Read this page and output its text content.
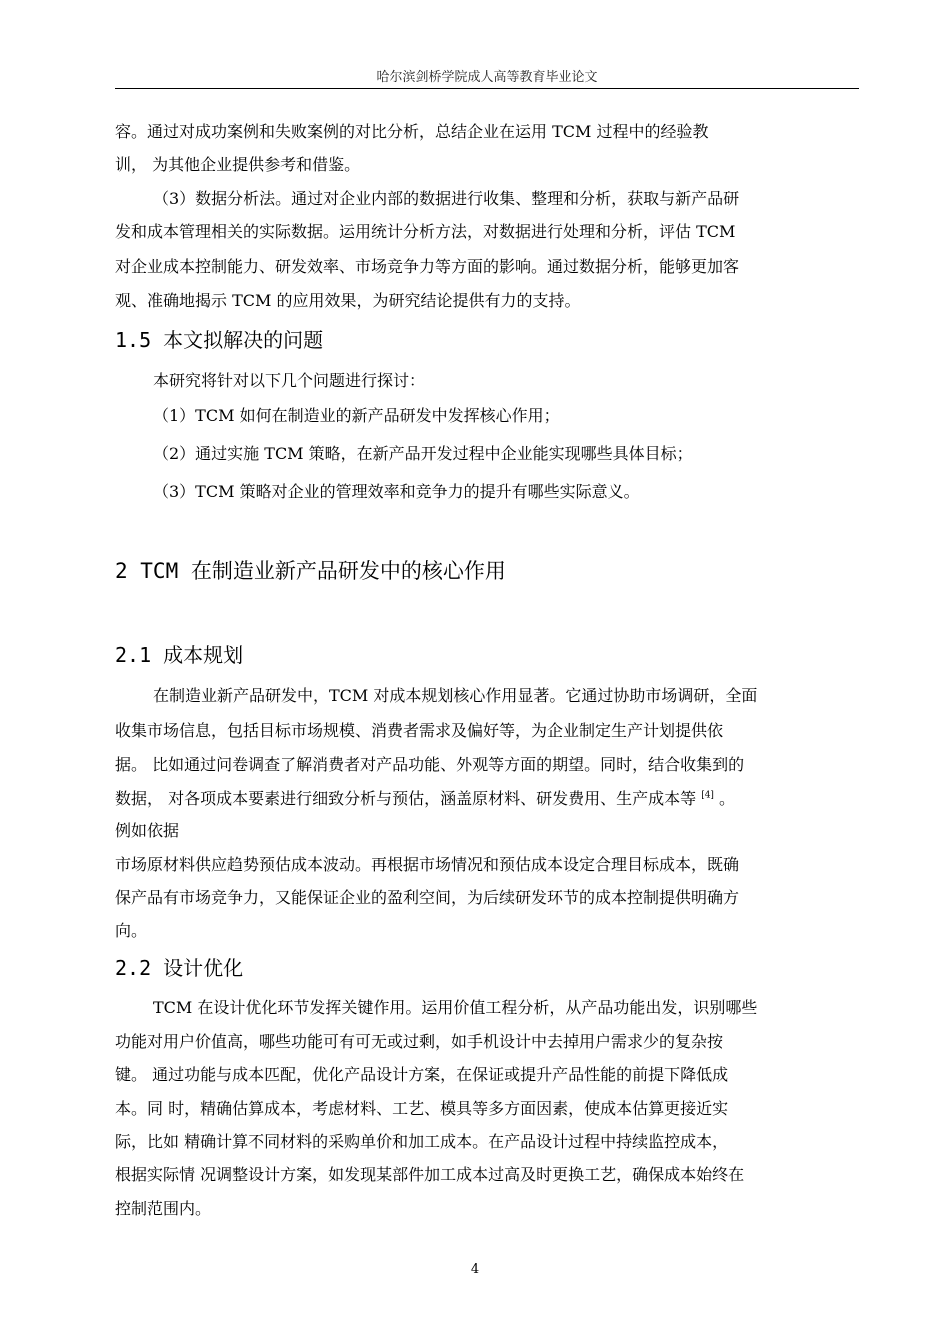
哈尔滨剑桥学院成人高等教育毕业论文
容。通过对成功案例和失败案例的对比分析，总结企业在运用 TCM 过程中的经验教
训， 为其他企业提供参考和借鉴。
（3）数据分析法。通过对企业内部的数据进行收集、整理和分析，获取与新产品研
发和成本管理相关的实际数据。运用统计分析方法，对数据进行处理和分析，评估 TCM
对企业成本控制能力、研发效率、市场竞争力等方面的影响。通过数据分析，能够更加客
观、准确地揭示 TCM 的应用效果，为研究结论提供有力的支持。
1.5 本文拟解决的问题
本研究将针对以下几个问题进行探讨：
（1）TCM 如何在制造业的新产品研发中发挥核心作用；
（2）通过实施 TCM 策略，在新产品开发过程中企业能实现哪些具体目标；
（3）TCM 策略对企业的管理效率和竞争力的提升有哪些实际意义。
2 TCM 在制造业新产品研发中的核心作用
2.1 成本规划
在制造业新产品研发中，TCM 对成本规划核心作用显著。它通过协助市场调研，全面
收集市场信息，包括目标市场规模、消费者需求及偏好等，为企业制定生产计划提供依
据。 比如通过问卷调查了解消费者对产品功能、外观等方面的期望。同时，结合收集到的
数据， 对各项成本要素进行细致分析与预估，涵盖原材料、研发费用、生产成本等 [4] 。
例如依据
市场原材料供应趋势预估成本波动。再根据市场情况和预估成本设定合理目标成本，既确
保产品有市场竞争力，又能保证企业的盈利空间，为后续研发环节的成本控制提供明确方
向。
2.2 设计优化
TCM 在设计优化环节发挥关键作用。运用价值工程分析，从产品功能出发，识别哪些
功能对用户价值高，哪些功能可有可无或过剩，如手机设计中去掉用户需求少的复杂按
键。 通过功能与成本匹配，优化产品设计方案，在保证或提升产品性能的前提下降低成
本。同 时，精确估算成本，考虑材料、工艺、模具等多方面因素，使成本估算更接近实
际，比如 精确计算不同材料的采购单价和加工成本。在产品设计过程中持续监控成本，
根据实际情 况调整设计方案，如发现某部件加工成本过高及时更换工艺，确保成本始终在
控制范围内。
4
